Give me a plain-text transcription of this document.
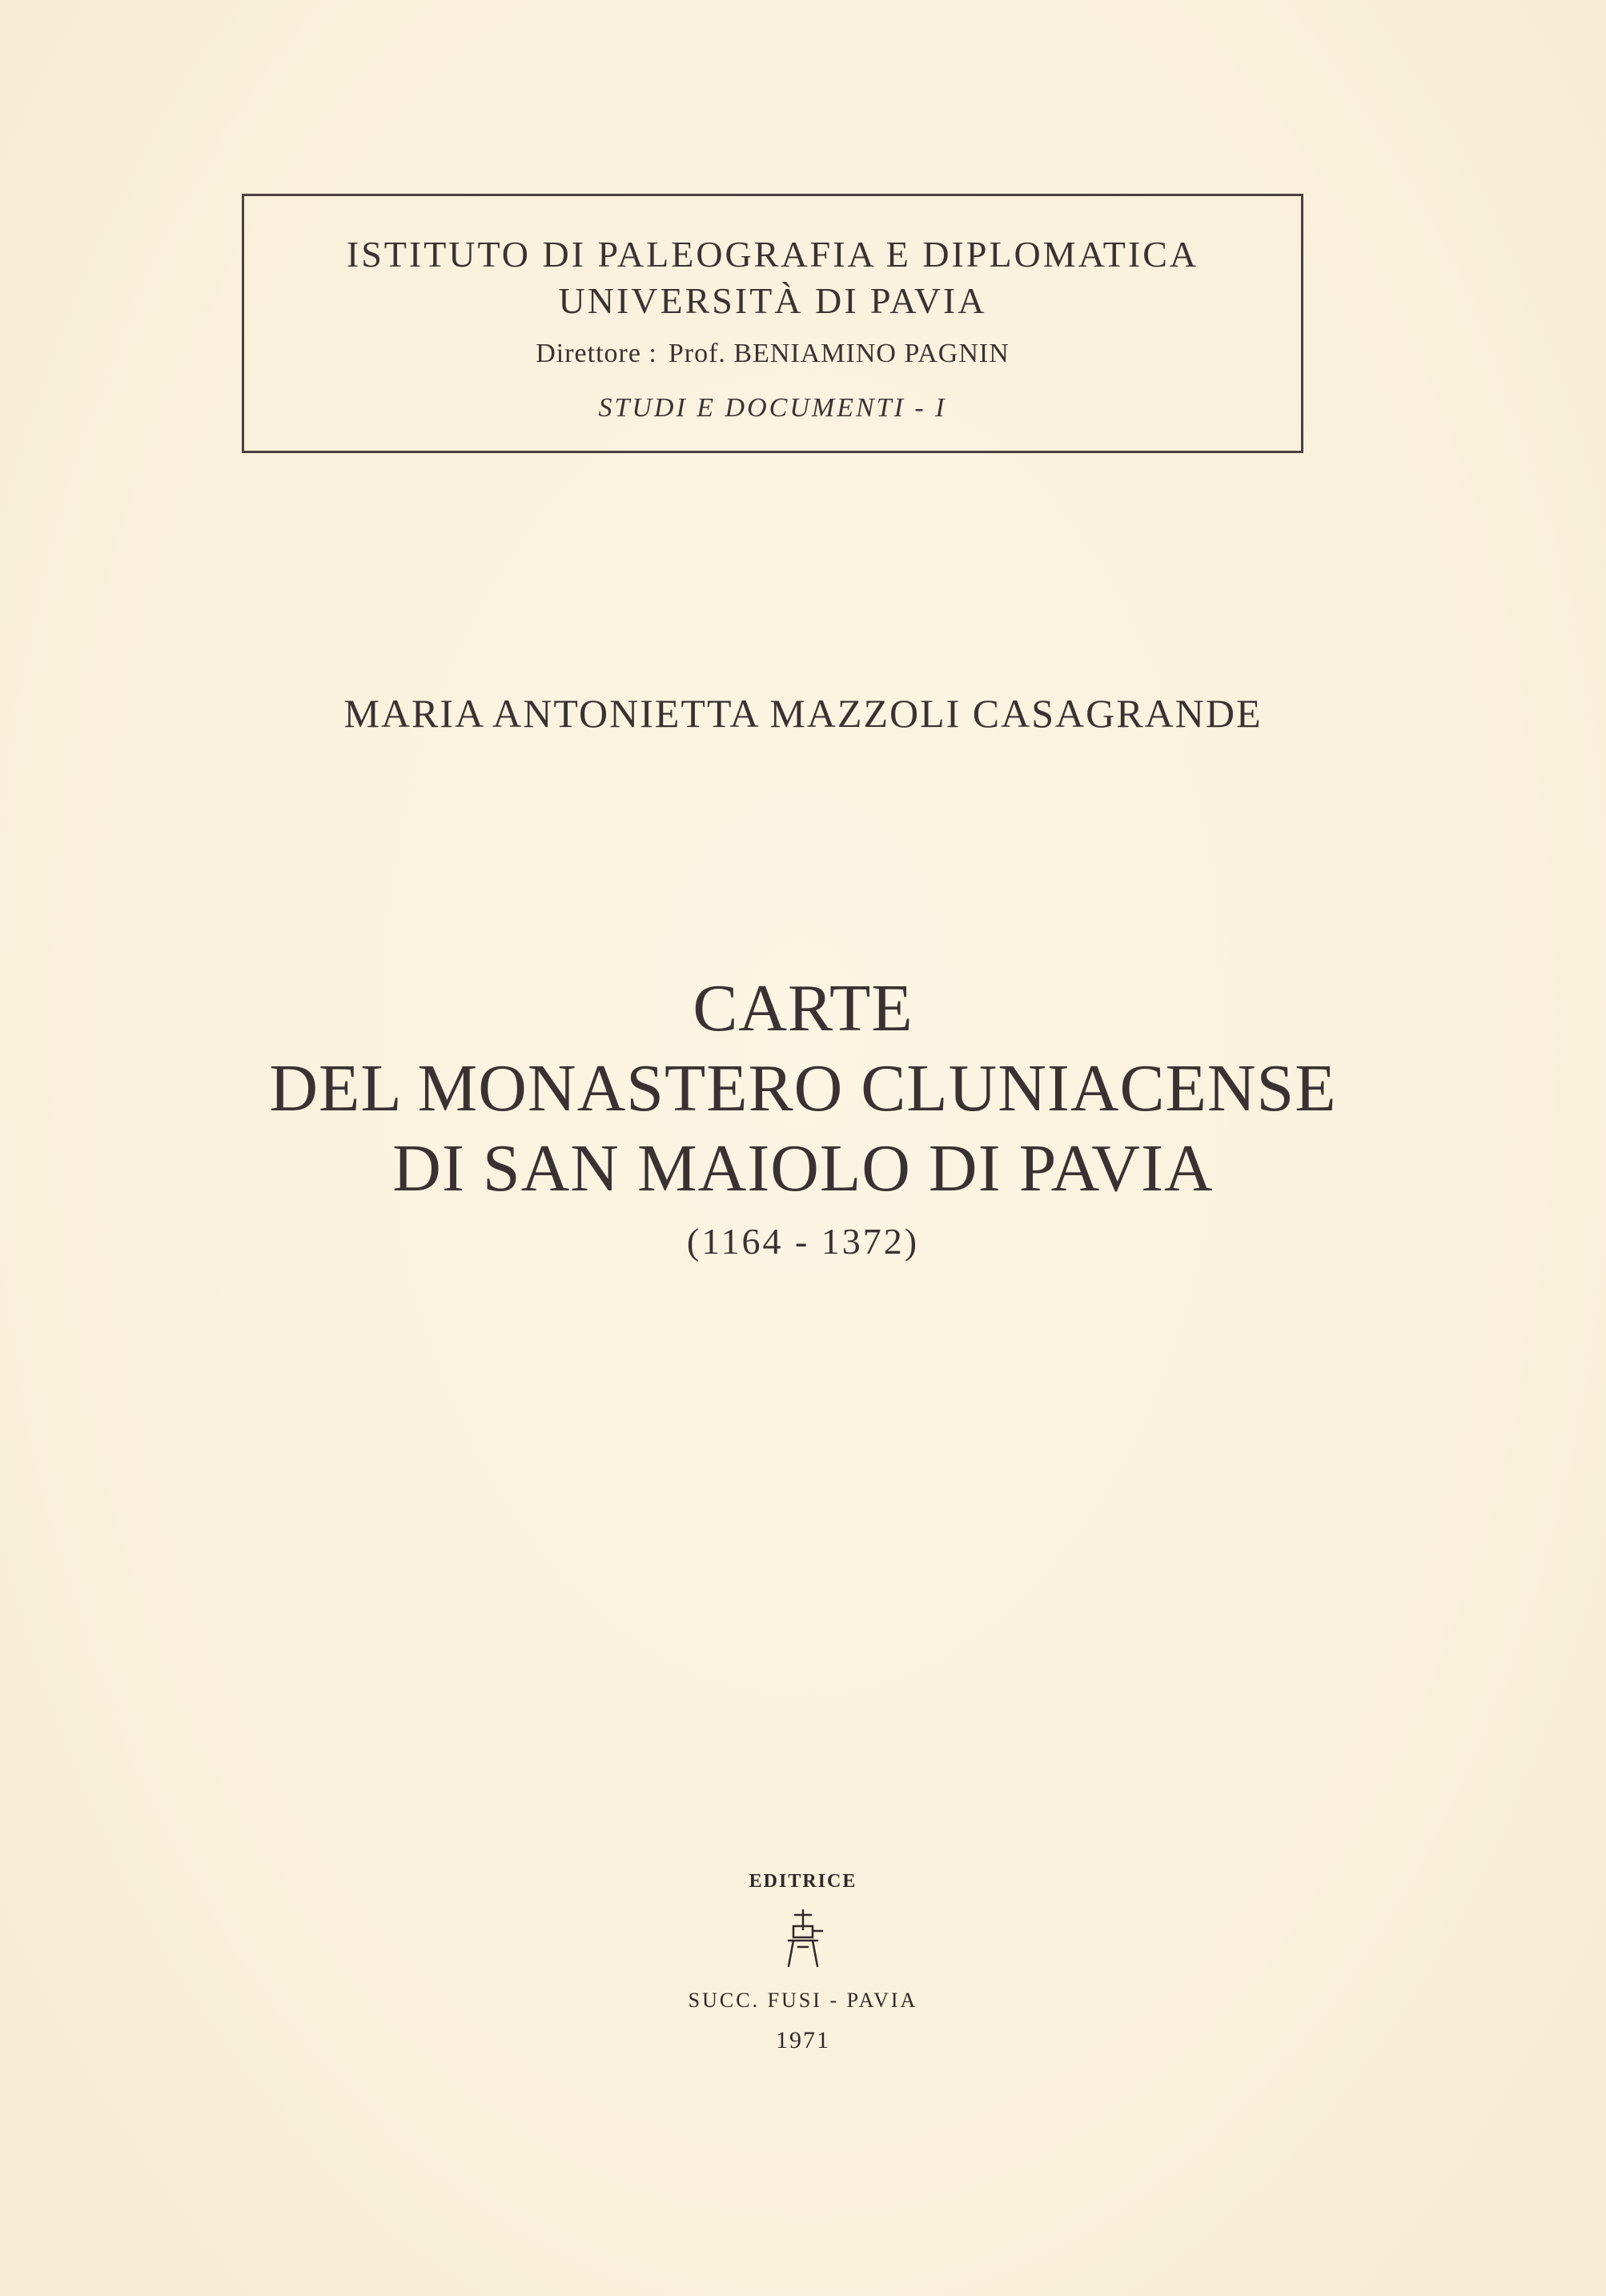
ISTITUTO DI PALEOGRAFIA E DIPLOMATICA
UNIVERSITÀ DI PAVIA
Direttore : Prof. BENIAMINO PAGNIN
STUDI E DOCUMENTI - I
MARIA ANTONIETTA MAZZOLI CASAGRANDE
CARTE
DEL MONASTERO CLUNIACENSE
DI SAN MAIOLO DI PAVIA
(1164 - 1372)
EDITRICE
SUCC. FUSI - PAVIA
1971
